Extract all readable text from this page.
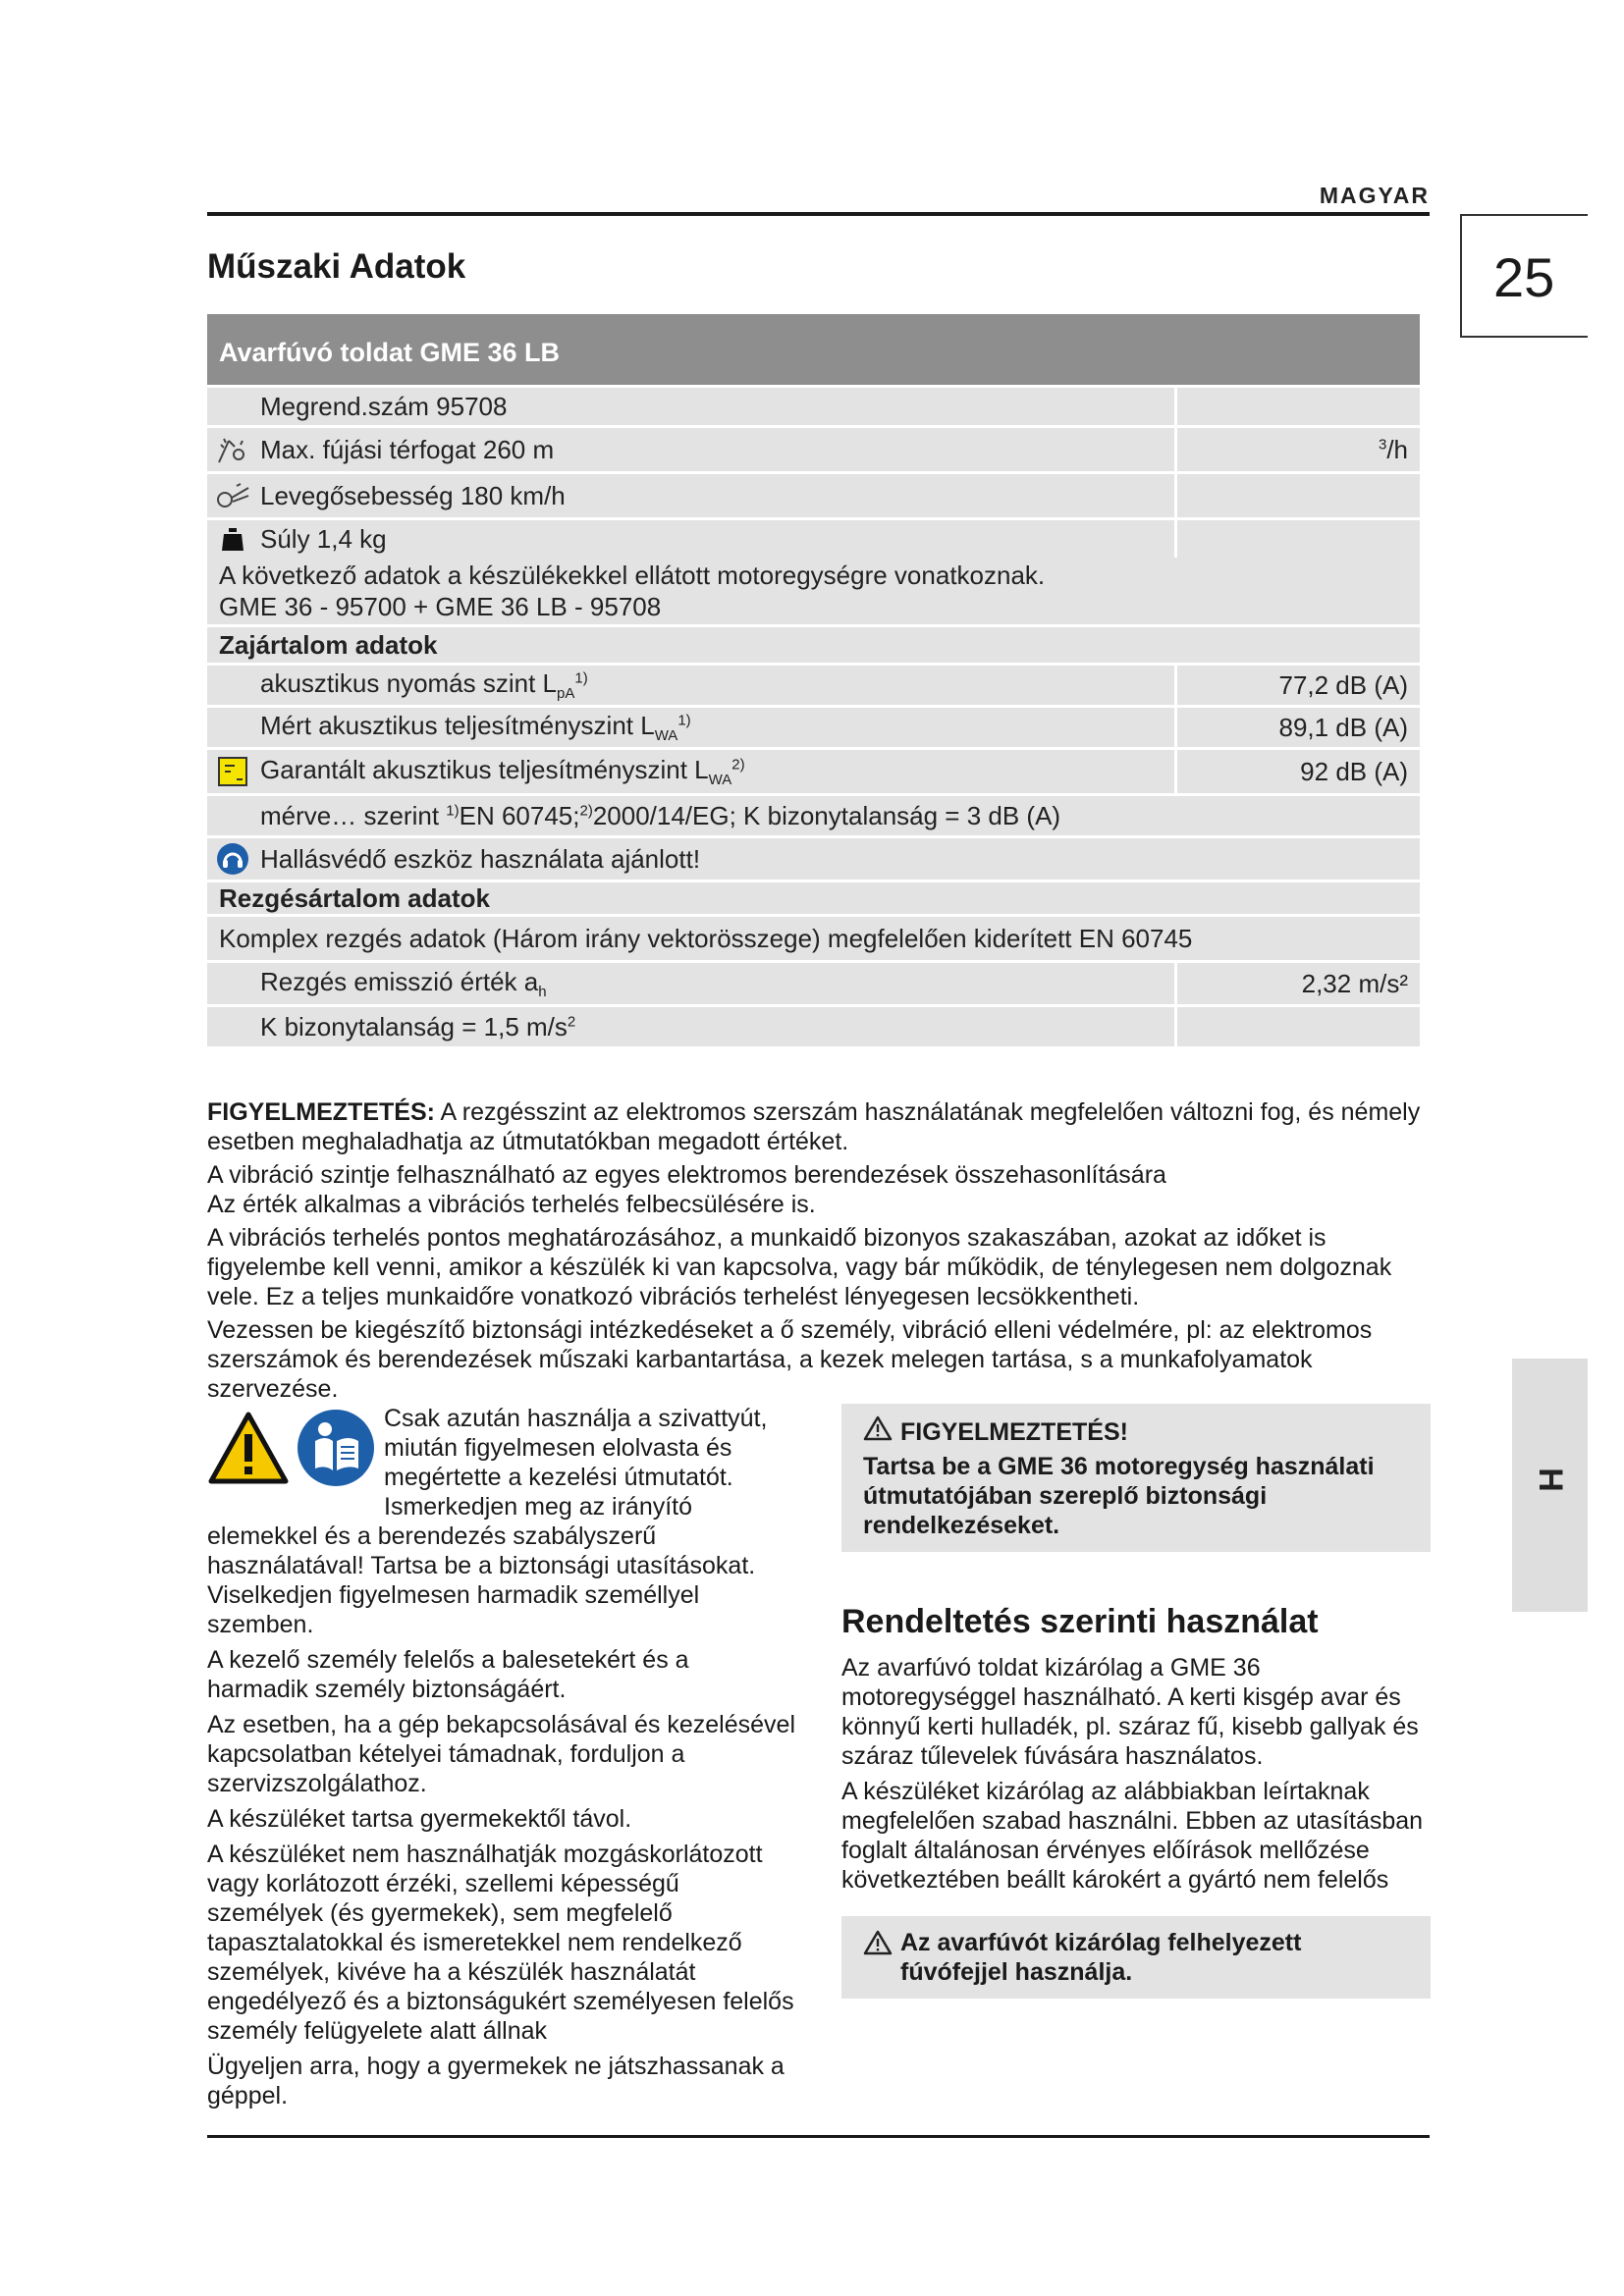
MAGYAR
Műszaki Adatok	25
Avarfúvó toldat GME 36 LB
Megrend.szám 95708
Max. fújási térfogat 260 m	$^3$/h
Levegősebesség 180 km/h
Súly 1,4 kg
A következő adatok a készülékekkel ellátott motoregységre vonatkoznak.
GME 36 - 95700 + GME 36 LB - 95708
Zajártalom adatok
akusztikus nyomás szint $L_{pA}^{1)}$	77,2 dB (A)
Mért akusztikus teljesítményszint $L_{WA}^{1)}$	89,1 dB (A)
Garantált akusztikus teljesítményszint $L_{WA}^{2)}$	92 dB (A)
mérve… szerint $^{1)}$EN 60745;$^{2)}$2000/14/EG; K bizonytalanság = 3 dB (A)
Hallásvédő eszköz használata ajánlott!
Rezgésártalom adatok
Komplex rezgés adatok (Három irány vektorösszege) megfelelően kiderített EN 60745
Rezgés emisszió érték $a_h$	2,32 m/s²
K bizonytalanság = 1,5 $m/s^2$

FIGYELMEZTETÉS: A rezgésszint az elektromos szerszám használatának megfelelően változni fog, és némely esetben meghaladhatja az útmutatókban megadott értéket.

A vibráció szintje felhasználható az egyes elektromos berendezések összehasonlítására

Az érték alkalmas a vibrációs terhelés felbecsülésére is.

A vibrációs terhelés pontos meghatározásához, a munkaidő bizonyos szakaszában, azokat az időket is figyelembe kell venni, amikor a készülék ki van kapcsolva, vagy bár működik, de ténylegesen nem dolgoznak vele. Ez a teljes munkaidőre vonatkozó vibrációs terhelést lényegesen lecsökkentheti.

Vezessen be kiegészítő biztonsági intézkedéseket a ő személy, vibráció elleni védelmére, pl: az elektromos szerszámok és berendezések műszaki karbantartása, a kezek melegen tartása, s a munkafolyamatok szervezése.

Csak azután használja a szivattyút, miután figyelmesen elolvasta és megértette a kezelési útmutatót. Ismerkedjen meg az irányító elemekkel és a berendezés szabályszerű használatával! Tartsa be a biztonsági utasításokat. Viselkedjen figyelmesen harmadik személlyel szemben.

A kezelő személy felelős a balesetekért és a harmadik személy biztonságáért.

Az esetben, ha a gép bekapcsolásával és kezelésével kapcsolatban kételyei támadnak, forduljon a szervizszolgálathoz.

A készüléket tartsa gyermekektől távol.

A készüléket nem használhatják mozgáskorlátozott vagy korlátozott érzéki, szellemi képességű személyek (és gyermekek), sem megfelelő tapasztalatokkal és ismeretekkel nem rendelkező személyek, kivéve ha a készülék használatát engedélyező és a biztonságukért személyesen felelős személy felügyelete alatt állnak

Ügyeljen arra, hogy a gyermekek ne játszhassanak a géppel.

FIGYELMEZTETÉS!
Tartsa be a GME 36 motoregység használati útmutatójában szereplő biztonsági rendelkezéseket.
Rendeltetés szerinti használat

Az avarfúvó toldat kizárólag a GME 36 motoregységgel használható. A kerti kisgép avar és könnyű kerti hulladék, pl. száraz fű, kisebb gallyak és száraz tűlevelek fúvására használatos.

A készüléket kizárólag az alábbiakban leírtaknak megfelelően szabad használni. Ebben az utasításban foglalt általánosan érvényes előírások mellőzése következtében beállt károkért a gyártó nem felelős

Az avarfúvót kizárólag felhelyezett fúvófejjel használja.
H
